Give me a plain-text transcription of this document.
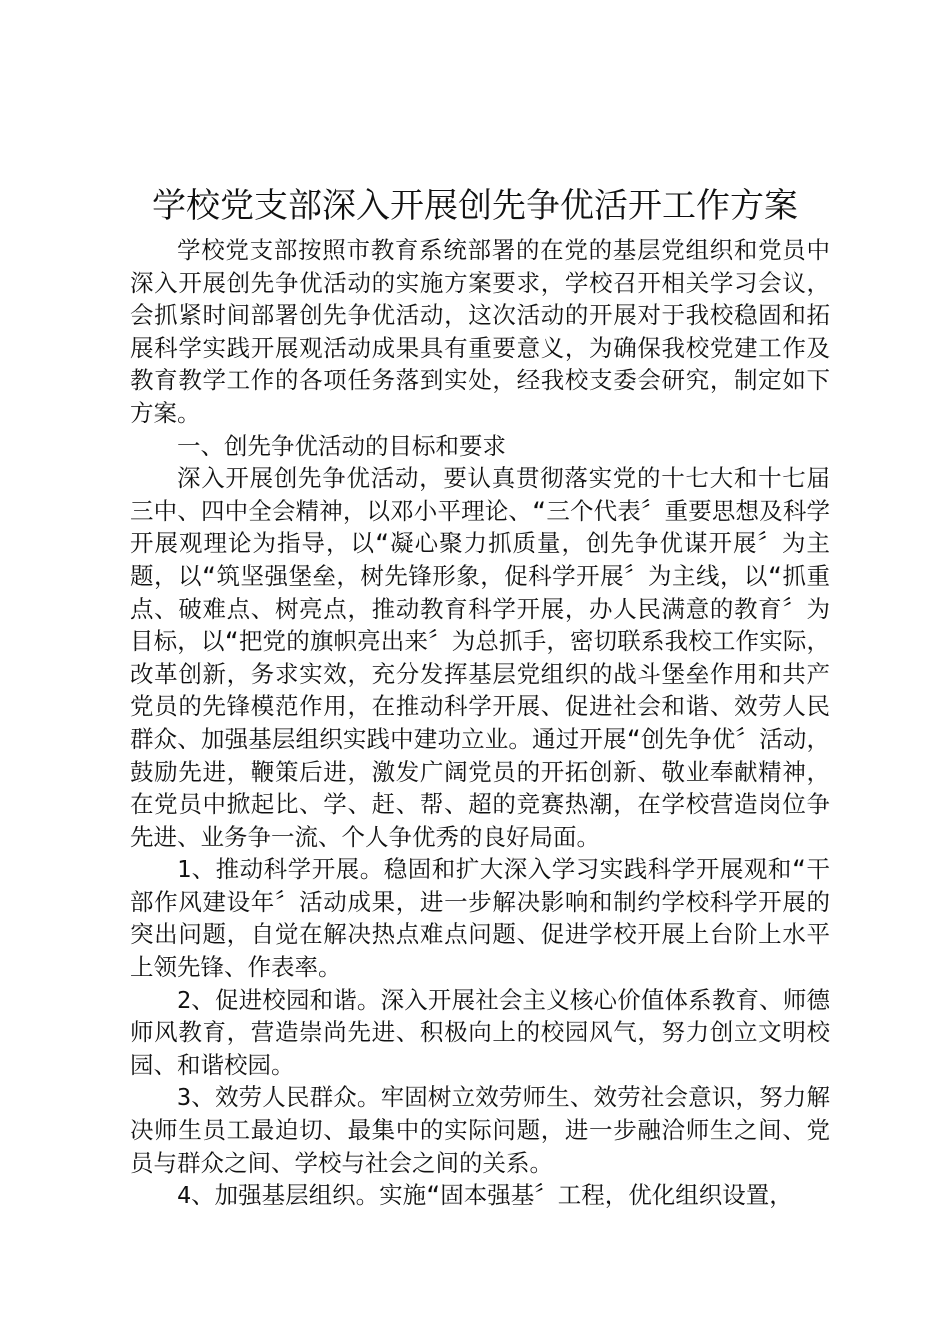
学校党支部深入开展创先争优活开工作方案

学校党支部按照市教育系统部署的在党的基层党组织和党员中深入开展创先争优活动的实施方案要求，学校召开相关学习会议，会抓紧时间部署创先争优活动，这次活动的开展对于我校稳固和拓展科学实践开展观活动成果具有重要意义，为确保我校党建工作及教育教学工作的各项任务落到实处，经我校支委会研究，制定如下方案。

一、创先争优活动的目标和要求

深入开展创先争优活动，要认真贯彻落实党的十七大和十七届三中、四中全会精神，以邓小平理论、“三个代表〞重要思想及科学开展观理论为指导，以“凝心聚力抓质量，创先争优谋开展〞为主题，以“筑坚强堡垒，树先锋形象，促科学开展〞为主线，以“抓重点、破难点、树亮点，推动教育科学开展，办人民满意的教育〞为目标，以“把党的旗帜亮出来〞为总抓手，密切联系我校工作实际，改革创新，务求实效，充分发挥基层党组织的战斗堡垒作用和共产党员的先锋模范作用，在推动科学开展、促进社会和谐、效劳人民群众、加强基层组织实践中建功立业。通过开展“创先争优〞活动，鼓励先进，鞭策后进，激发广阔党员的开拓创新、敬业奉献精神，在党员中掀起比、学、赶、帮、超的竞赛热潮，在学校营造岗位争先进、业务争一流、个人争优秀的良好局面。

1、推动科学开展。稳固和扩大深入学习实践科学开展观和“干部作风建设年〞活动成果，进一步解决影响和制约学校科学开展的突出问题，自觉在解决热点难点问题、促进学校开展上台阶上水平上领先锋、作表率。

2、促进校园和谐。深入开展社会主义核心价值体系教育、师德师风教育，营造崇尚先进、积极向上的校园风气，努力创立文明校园、和谐校园。

3、效劳人民群众。牢固树立效劳师生、效劳社会意识，努力解决师生员工最迫切、最集中的实际问题，进一步融洽师生之间、党员与群众之间、学校与社会之间的关系。

4、加强基层组织。实施“固本强基〞工程，优化组织设置，
